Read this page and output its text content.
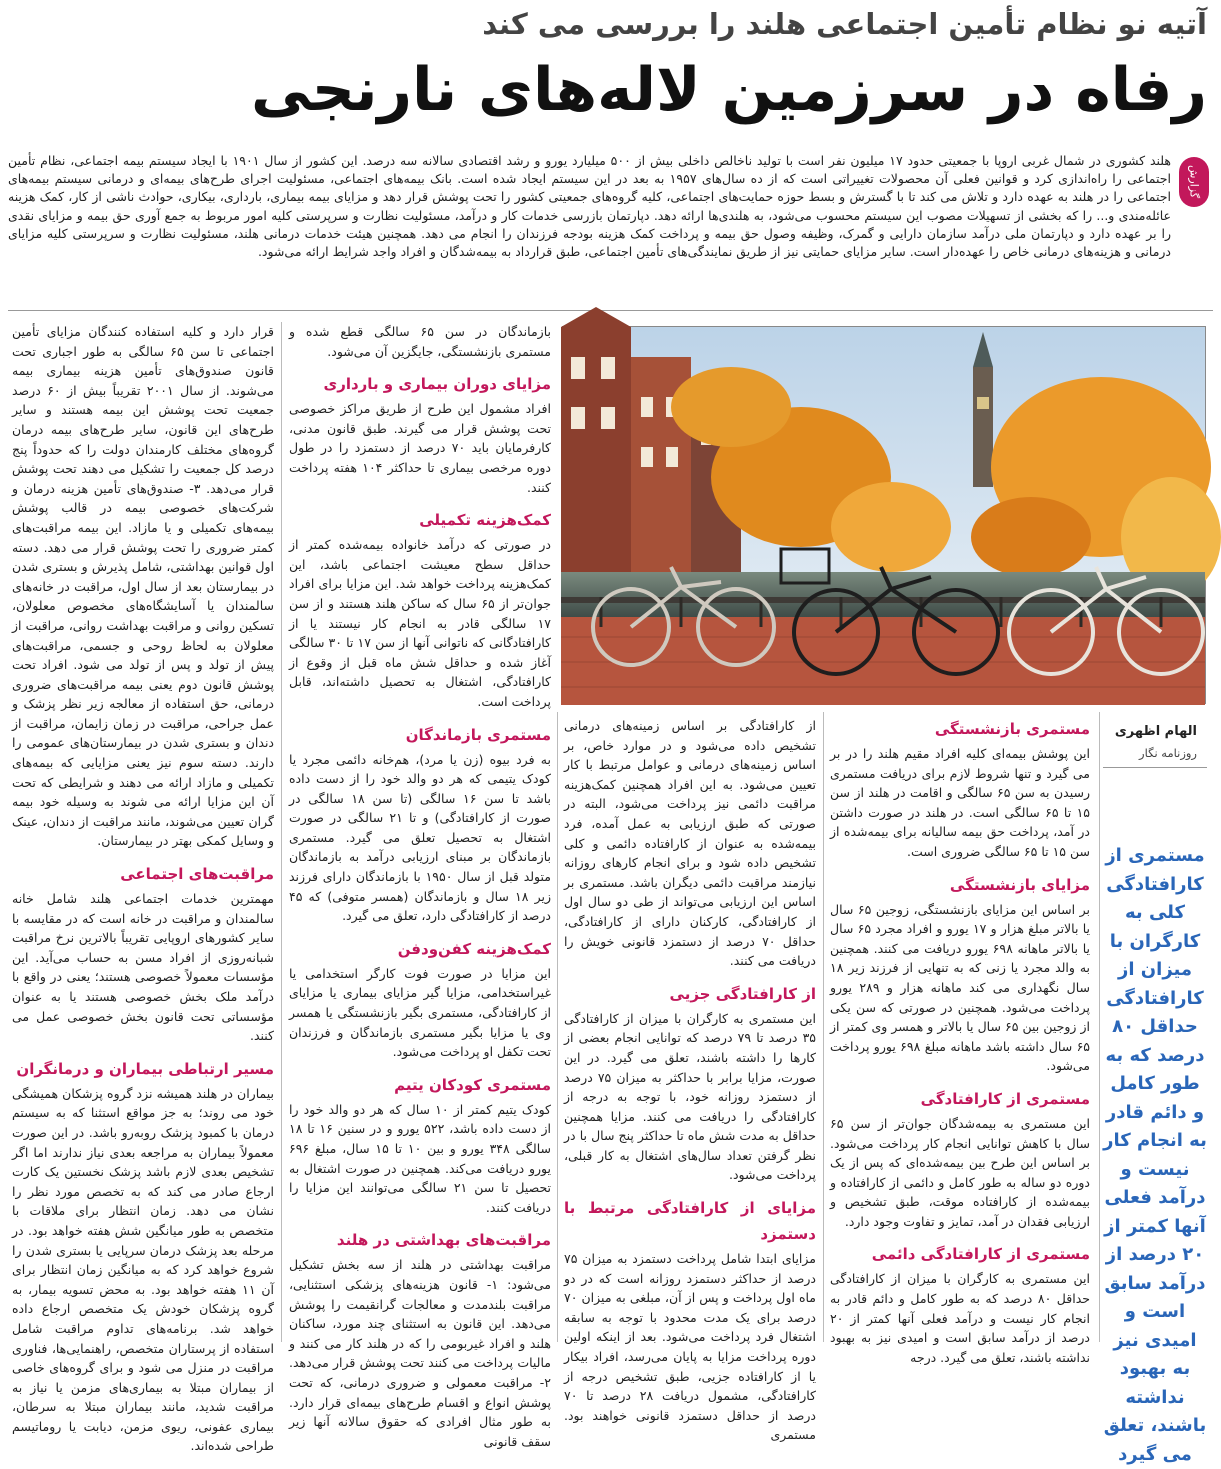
آتیه نو نظام تأمین اجتماعی هلند را بررسی می کند
رفاه در سرزمین لاله‌های نارنجی
گزارش
هلند کشوری در شمال غربی اروپا با جمعیتی حدود ۱۷ میلیون نفر است با تولید ناخالص داخلی بیش از ۵۰۰ میلیارد یورو و رشد اقتصادی سالانه سه درصد. این کشور از سال ۱۹۰۱ با ایجاد سیستم بیمه اجتماعی، نظام تأمین اجتماعی را راه‌اندازی کرد و قوانین فعلی آن محصولات تغییراتی است که از ده سال‌های ۱۹۵۷ به بعد در این سیستم ایجاد شده است. بانک بیمه‌های اجتماعی، مسئولیت اجرای طرح‌های بیمه‌ای و درمانی سیستم بیمه‌های اجتماعی را در هلند به عهده دارد و تلاش می کند تا با گسترش و بسط حوزه حمایت‌های اجتماعی، کلیه گروه‌های جمعیتی کشور را تحت پوشش قرار دهد و مزایای بیمه بیماری، بارداری، بیکاری، حوادث ناشی از کار، کمک هزینه عائله‌مندی و... را که بخشی از تسهیلات مصوب این سیستم محسوب می‌شود، به هلندی‌ها ارائه دهد. دپارتمان بازرسی خدمات کار و درآمد، مسئولیت نظارت و سرپرستی کلیه امور مربوط به جمع آوری حق بیمه و مزایای نقدی را بر عهده دارد و دپارتمان ملی درآمد سازمان دارایی و گمرک، وظیفه وصول حق بیمه و پرداخت کمک هزینه بودجه فرزندان را انجام می دهد. همچنین هیئت خدمات درمانی هلند، مسئولیت نظارت و سرپرستی کلیه مزایای درمانی و هزینه‌های درمانی خاص را عهده‌دار است. سایر مزایای حمایتی نیز از طریق نمایندگی‌های تأمین اجتماعی، طبق قرارداد به بیمه‌شدگان و افراد واجد شرایط ارائه می‌شود.

قرار دارد و کلیه استفاده کنندگان مزایای تأمین اجتماعی تا سن ۶۵ سالگی به طور اجباری تحت قانون صندوق‌های تأمین هزینه بیماری بیمه می‌شوند. از سال ۲۰۰۱ تقریباً بیش از ۶۰ درصد جمعیت تحت پوشش این بیمه هستند و سایر طرح‌های این قانون، سایر طرح‌های بیمه درمان گروه‌های مختلف کارمندان دولت را که حدوداً پنج درصد کل جمعیت را تشکیل می دهند تحت پوشش قرار می‌دهد. ۳- صندوق‌های تأمین هزینه درمان و شرکت‌های خصوصی بیمه در قالب پوشش بیمه‌های تکمیلی و یا مازاد. این بیمه مراقبت‌های کمتر ضروری را تحت پوشش قرار می دهد. دسته اول قوانین بهداشتی، شامل پذیرش و بستری شدن در بیمارستان بعد از سال اول، مراقبت در خانه‌های سالمندان یا آسایشگاه‌های مخصوص معلولان، تسکین روانی و مراقبت بهداشت روانی، مراقبت از معلولان به لحاظ روحی و جسمی، مراقبت‌های پیش از تولد و پس از تولد می شود. افراد تحت پوشش قانون دوم یعنی بیمه مراقبت‌های ضروری درمانی، حق استفاده از معالجه زیر نظر پزشک و عمل جراحی، مراقبت در زمان زایمان، مراقبت از دندان و بستری شدن در بیمارستان‌های عمومی را دارند. دسته سوم نیز یعنی مزایایی که بیمه‌های تکمیلی و مازاد ارائه می دهند و شرایطی که تحت آن این مزایا ارائه می شوند به وسیله خود بیمه گران تعیین می‌شوند، مانند مراقبت از دندان، عینک و وسایل کمکی بهتر در بیمارستان.

مراقبت‌های اجتماعی

مهمترین خدمات اجتماعی هلند شامل خانه سالمندان و مراقبت در خانه است که در مقایسه با سایر کشورهای اروپایی تقریباً بالاترین نرخ مراقبت شبانه‌روزی از افراد مسن به حساب می‌آید. این مؤسسات معمولاً خصوصی هستند؛ یعنی در واقع با درآمد ملک بخش خصوصی هستند یا به عنوان مؤسساتی تحت قانون بخش خصوصی عمل می کنند.

مسیر ارتباطی بیماران و درمانگران

بیماران در هلند همیشه نزد گروه پزشکان همیشگی خود می روند؛ به جز مواقع استثنا که به سیستم درمان با کمبود پزشک روبه‌رو باشد. در این صورت معمولاً بیماران به مراجعه بعدی نیاز ندارند اما اگر تشخیص بعدی لازم باشد پزشک نخستین یک کارت ارجاع صادر می کند که به تخصص مورد نظر را نشان می دهد. زمان انتظار برای ملاقات با متخصص به طور میانگین شش هفته خواهد بود. در مرحله بعد پزشک درمان سرپایی یا بستری شدن را شروع خواهد کرد که به میانگین زمان انتظار برای آن ۱۱ هفته خواهد بود. به محض تسویه بیمار، به گروه پزشکان خودش یک متخصص ارجاع داده خواهد شد. برنامه‌های تداوم مراقبت شامل استفاده از پرستاران متخصص، راهنمایی‌ها، فناوری مراقبت در منزل می شود و برای گروه‌های خاصی از بیماران مبتلا به بیماری‌های مزمن یا نیاز به مراقبت شدید، مانند بیماران مبتلا به سرطان، بیماری عفونی، ریوی مزمن، دیابت یا روماتیسم طراحی شده‌اند.

بازماندگان در سن ۶۵ سالگی قطع شده و مستمری بازنشستگی، جایگزین آن می‌شود.

مزایای دوران بیماری و بارداری

افراد مشمول این طرح از طریق مراکز خصوصی تحت پوشش قرار می گیرند. طبق قانون مدنی، کارفرمایان باید ۷۰ درصد از دستمزد را در طول دوره مرخصی بیماری تا حداکثر ۱۰۴ هفته پرداخت کنند.

کمک‌هزینه تکمیلی

در صورتی که درآمد خانواده بیمه‌شده کمتر از حداقل سطح معیشت اجتماعی باشد، این کمک‌هزینه پرداخت خواهد شد. این مزایا برای افراد جوان‌تر از ۶۵ سال که ساکن هلند هستند و از سن ۱۷ سالگی قادر به انجام کار نیستند یا از کارافتادگانی که ناتوانی آنها از سن ۱۷ تا ۳۰ سالگی آغاز شده و حداقل شش ماه قبل از وقوع از کارافتادگی، اشتغال به تحصیل داشته‌اند، قابل پرداخت است.

مستمری بازماندگان

به فرد بیوه (زن یا مرد)، هم‌خانه دائمی مجرد یا کودک یتیمی که هر دو والد خود را از دست داده باشد تا سن ۱۶ سالگی (تا سن ۱۸ سالگی در صورت از کارافتادگی) و تا ۲۱ سالگی در صورت اشتغال به تحصیل تعلق می گیرد. مستمری بازماندگان بر مبنای ارزیابی درآمد به بازماندگان متولد قبل از سال ۱۹۵۰ با بازماندگان دارای فرزند زیر ۱۸ سال و بازماندگان (همسر متوفی) که ۴۵ درصد از کارافتادگی دارد، تعلق می گیرد.

کمک‌هزینه کفن‌ودفن

این مزایا در صورت فوت کارگر استخدامی یا غیراستخدامی، مزایا گیر مزایای بیماری یا مزایای از کارافتادگی، مستمری بگیر بازنشستگی یا همسر وی یا مزایا بگیر مستمری بازماندگان و فرزندان تحت تکفل او پرداخت می‌شود.

مستمری کودکان یتیم

کودک یتیم کمتر از ۱۰ سال که هر دو والد خود را از دست داده باشد، ۵۲۲ یورو و در سنین ۱۶ تا ۱۸ سالگی ۳۴۸ یورو و بین ۱۰ تا ۱۵ سال، مبلغ ۶۹۶ یورو دریافت می‌کند. همچنین در صورت اشتغال به تحصیل تا سن ۲۱ سالگی می‌توانند این مزایا را دریافت کنند.

مراقبت‌های بهداشتی در هلند

مراقبت بهداشتی در هلند از سه بخش تشکیل می‌شود: ۱- قانون هزینه‌های پزشکی استثنایی، مراقبت بلندمدت و معالجات گرانقیمت را پوشش می‌دهد. این قانون به استثنای چند مورد، ساکنان هلند و افراد غیربومی را که در هلند کار می کنند و مالیات پرداخت می کنند تحت پوشش قرار می‌دهد. ۲- مراقبت معمولی و ضروری درمانی، که تحت پوشش انواع و اقسام طرح‌های بیمه‌ای قرار دارد. به طور مثال افرادی که حقوق سالانه آنها زیر سقف قانونی

از کارافتادگی بر اساس زمینه‌های درمانی تشخیص داده می‌شود و در موارد خاص، بر اساس زمینه‌های درمانی و عوامل مرتبط با کار تعیین می‌شود. به این افراد همچنین کمک‌هزینه مراقبت دائمی نیز پرداخت می‌شود، البته در صورتی که طبق ارزیابی به عمل آمده، فرد بیمه‌شده به عنوان از کارافتاده دائمی و کلی تشخیص داده شود و برای انجام کارهای روزانه نیازمند مراقبت دائمی دیگران باشد. مستمری بر اساس این ارزیابی می‌تواند از طی دو سال اول از کارافتادگی، کارکنان دارای از کارافتادگی، حداقل ۷۰ درصد از دستمزد قانونی خویش را دریافت می کنند.

از کارافتادگی جزیی

این مستمری به کارگران با میزان از کارافتادگی ۳۵ درصد تا ۷۹ درصد که توانایی انجام بعضی از کارها را داشته باشند، تعلق می گیرد. در این صورت، مزایا برابر با حداکثر به میزان ۷۵ درصد از دستمزد روزانه خود، با توجه به درجه از کارافتادگی را دریافت می کنند. مزایا همچنین حداقل به مدت شش ماه تا حداکثر پنج سال با در نظر گرفتن تعداد سال‌های اشتغال به کار قبلی، پرداخت می‌شود.

مزایای از کارافتادگی مرتبط با دستمزد

مزایای ابتدا شامل پرداخت دستمزد به میزان ۷۵ درصد از حداکثر دستمزد روزانه است که در دو ماه اول پرداخت و پس از آن، مبلغی به میزان ۷۰ درصد برای یک مدت محدود با توجه به سابقه اشتغال فرد پرداخت می‌شود. بعد از اینکه اولین دوره پرداخت مزایا به پایان می‌رسد، افراد بیکار یا از کارافتاده جزیی، طبق تشخیص درجه از کارافتادگی، مشمول دریافت ۲۸ درصد تا ۷۰ درصد از حداقل دستمزد قانونی خواهند بود. مستمری

مستمری بازنشستگی

این پوشش بیمه‌ای کلیه افراد مقیم هلند را در بر می گیرد و تنها شروط لازم برای دریافت مستمری رسیدن به سن ۶۵ سالگی و اقامت در هلند از سن ۱۵ تا ۶۵ سالگی است. در هلند در صورت داشتن در آمد، پرداخت حق بیمه سالیانه برای بیمه‌شده از سن ۱۵ تا ۶۵ سالگی ضروری است.

مزایای بازنشستگی

بر اساس این مزایای بازنشستگی، زوجین ۶۵ سال یا بالاتر مبلغ هزار و ۱۷ یورو و افراد مجرد ۶۵ سال یا بالاتر ماهانه ۶۹۸ یورو دریافت می کنند. همچنین به والد مجرد یا زنی که به تنهایی از فرزند زیر ۱۸ سال نگهداری می کند ماهانه هزار و ۲۸۹ یورو پرداخت می‌شود. همچنین در صورتی که سن یکی از زوجین بین ۶۵ سال یا بالاتر و همسر وی کمتر از ۶۵ سال داشته باشد ماهانه مبلغ ۶۹۸ یورو پرداخت می‌شود.

مستمری از کارافتادگی

این مستمری به بیمه‌شدگان جوان‌تر از سن ۶۵ سال با کاهش توانایی انجام کار پرداخت می‌شود. بر اساس این طرح بین بیمه‌شده‌ای که پس از یک دوره دو ساله به طور کامل و دائمی از کارافتاده و بیمه‌شده از کارافتاده موقت، طبق تشخیص و ارزیابی فقدان در آمد، تمایز و تفاوت وجود دارد.

مستمری از کارافتادگی دائمی

این مستمری به کارگران با میزان از کارافتادگی حداقل ۸۰ درصد که به طور کامل و دائم قادر به انجام کار نیست و درآمد فعلی آنها کمتر از ۲۰ درصد از درآمد سابق است و امیدی نیز به بهبود نداشته باشند، تعلق می گیرد. درجه

الهام اظهری
روزنامه نگار
مستمری از کارافتادگی کلی به کارگران با میزان از کارافتادگی حداقل ۸۰ درصد که به طور کامل و دائم قادر به انجام کار نیست و درآمد فعلی آنها کمتر از ۲۰ درصد از درآمد سابق است و امیدی نیز به بهبود نداشته باشند، تعلق می گیرد
